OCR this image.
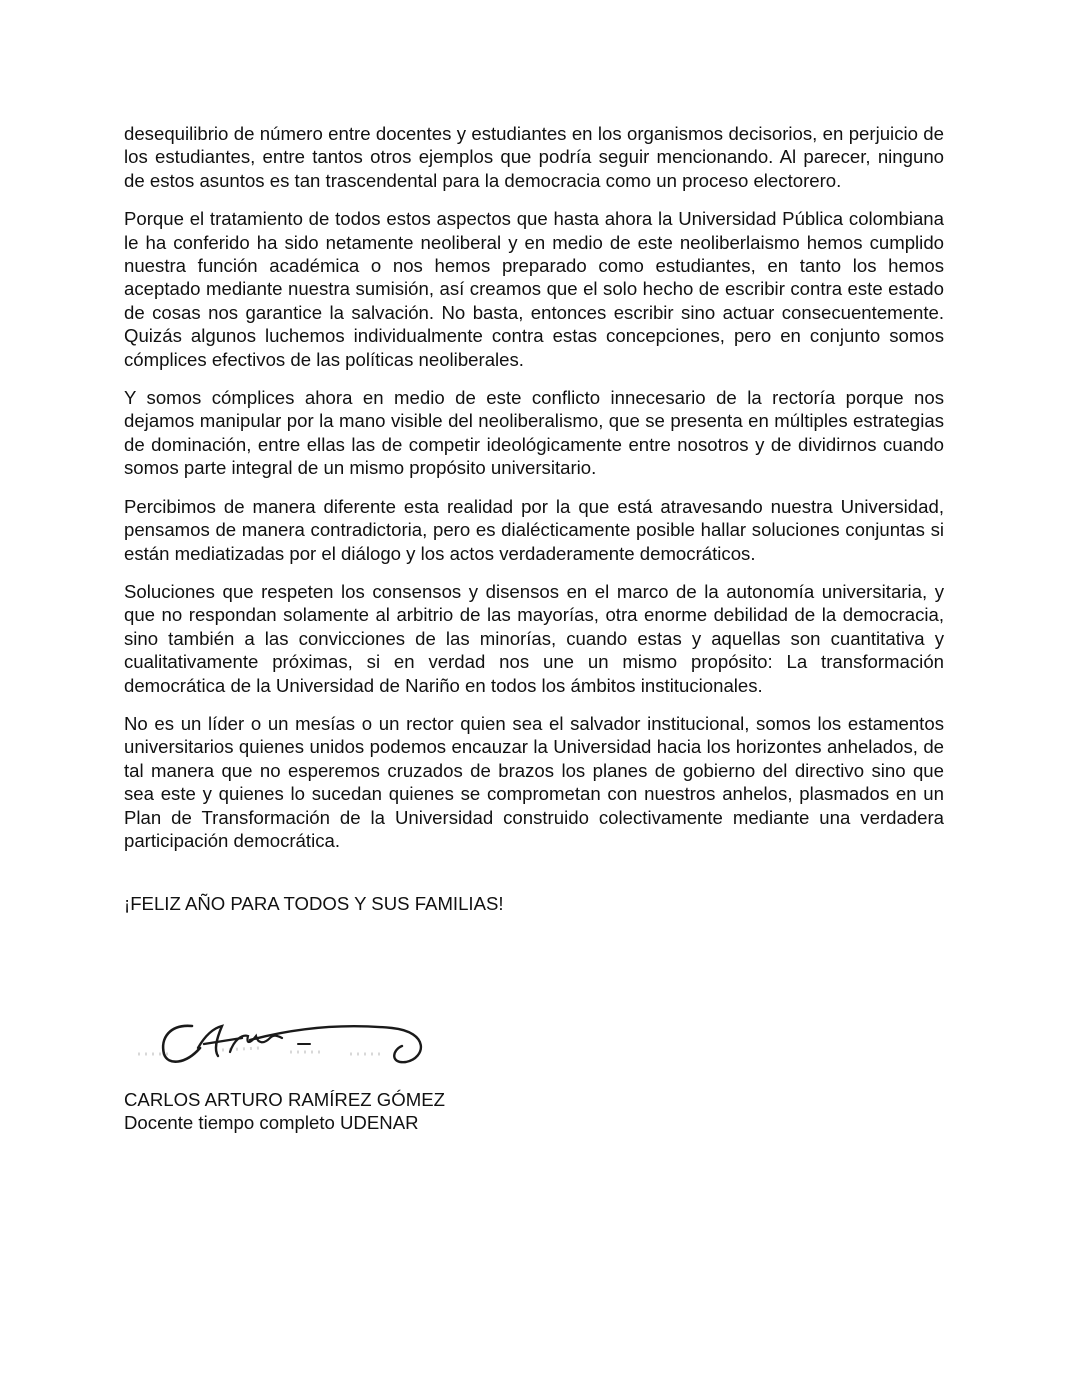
desequilibrio de número entre docentes y estudiantes en los organismos decisorios, en perjuicio de los estudiantes, entre tantos otros ejemplos que podría seguir mencionando. Al parecer, ninguno de estos asuntos es tan trascendental para la democracia como un proceso electorero.

Porque el tratamiento de todos estos aspectos que hasta ahora la Universidad Pública colombiana le ha conferido ha sido netamente neoliberal y en medio de este neoliberlaismo hemos cumplido nuestra función académica o nos hemos preparado como estudiantes, en tanto los hemos aceptado mediante nuestra sumisión, así creamos que el solo hecho de escribir contra este estado de cosas nos garantice la salvación. No basta, entonces escribir sino actuar consecuentemente. Quizás algunos luchemos individualmente contra estas concepciones, pero en conjunto somos cómplices efectivos de las políticas neoliberales.

Y somos cómplices ahora en medio de este conflicto innecesario de la rectoría porque nos dejamos manipular por la mano visible del neoliberalismo, que se presenta en múltiples estrategias de dominación, entre ellas las de competir ideológicamente entre nosotros y de dividirnos cuando somos parte integral de un mismo propósito universitario.

Percibimos de manera diferente esta realidad por la que está atravesando nuestra Universidad, pensamos de manera contradictoria, pero es dialécticamente posible hallar soluciones conjuntas si están mediatizadas por el diálogo y los actos verdaderamente democráticos.

Soluciones que respeten los consensos y disensos en el marco de la autonomía universitaria, y que no respondan solamente al arbitrio de las mayorías, otra enorme debilidad de la democracia, sino también a las convicciones de las minorías, cuando estas y aquellas son cuantitativa y cualitativamente próximas, si en verdad nos une un mismo propósito: La transformación democrática de la Universidad de Nariño en todos los ámbitos institucionales.

No es un líder o un mesías o un rector quien sea el salvador institucional, somos los estamentos universitarios quienes unidos podemos encauzar la Universidad hacia los horizontes anhelados, de tal manera que no esperemos cruzados de brazos los planes de gobierno del directivo sino que sea este y quienes lo sucedan quienes se comprometan con nuestros anhelos, plasmados en un Plan de Transformación de la Universidad construido colectivamente mediante una verdadera participación democrática.

¡FELIZ AÑO PARA TODOS Y SUS FAMILIAS!

CARLOS ARTURO RAMÍREZ GÓMEZ
Docente tiempo completo UDENAR
